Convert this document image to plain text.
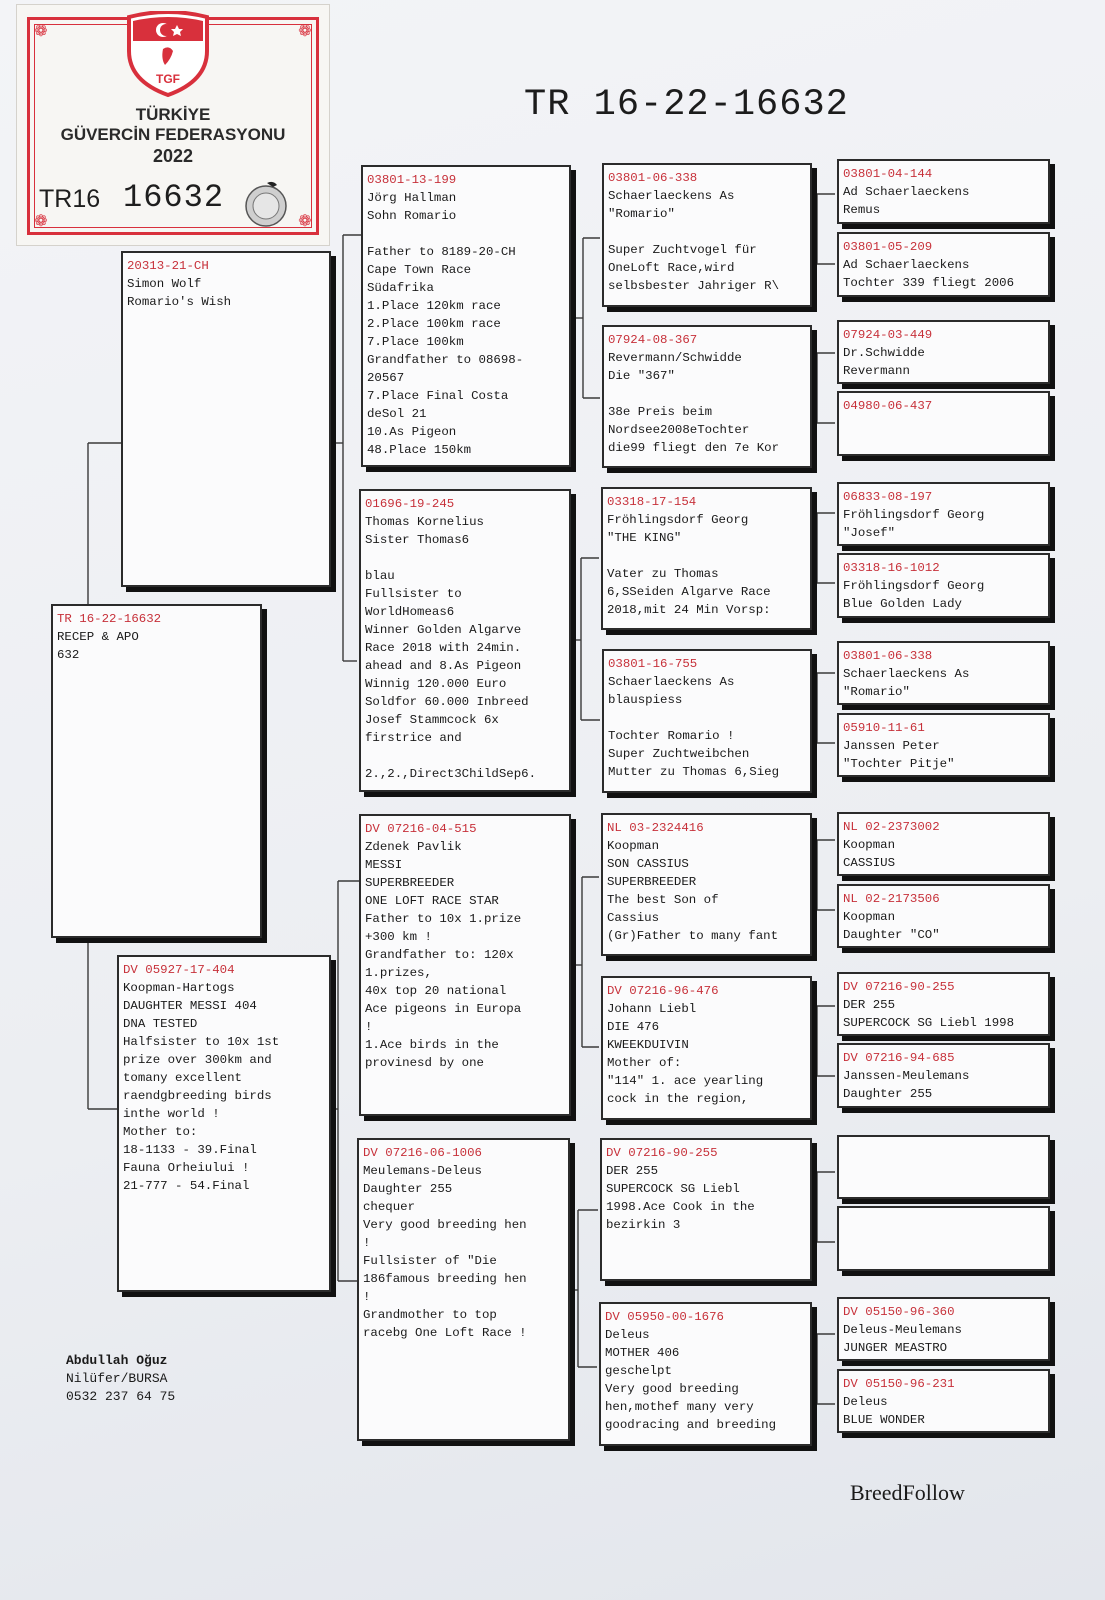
❁	❁
❁	❁
TGF
TÜRKİYE
GÜVERCİN FEDERASYONU
2022
TR16 16632
TR 16-22-16632
TR 16-22-16632
RECEP & APO
632
20313-21-CH
Simon Wolf
Romario's Wish
DV 05927-17-404
Koopman-Hartogs
DAUGHTER MESSI 404
DNA TESTED
Halfsister to 10x 1st
prize over 300km and
tomany excellent
raendgbreeding birds
inthe world !
Mother to:
18-1133 - 39.Final
Fauna Orheiului !
21-777 - 54.Final
03801-13-199
Jörg Hallman
Sohn Romario
Father to 8189-20-CH
Cape Town Race
Südafrika
1.Place 120km race
2.Place 100km race
7.Place 100km
Grandfather to 08698-
20567
7.Place Final Costa
deSol 21
10.As Pigeon
48.Place 150km
01696-19-245
Thomas Kornelius
Sister Thomas6
blau
Fullsister to
WorldHomeas6
Winner Golden Algarve
Race 2018 with 24min.
ahead and 8.As Pigeon
Winnig 120.000 Euro
Soldfor 60.000 Inbreed
Josef Stammcock 6x
firstrice and
2.,2.,Direct3ChildSep6.
DV 07216-04-515
Zdenek Pavlik
MESSI
SUPERBREEDER
ONE LOFT RACE STAR
Father to 10x 1.prize
+300 km !
Grandfather to: 120x
1.prizes,
40x top 20 national
Ace pigeons in Europa
!
1.Ace birds in the
provinesd by one
DV 07216-06-1006
Meulemans-Deleus
Daughter 255
chequer
Very good breeding hen
!
Fullsister of "Die
186famous breeding hen
!
Grandmother to top
racebg One Loft Race !
03801-06-338
Schaerlaeckens As
"Romario"
Super Zuchtvogel für
OneLoft Race,wird
selbsbester Jahriger R\
07924-08-367
Revermann/Schwidde
Die "367"
38e Preis beim
Nordsee2008eTochter
die99 fliegt den 7e Kor
03318-17-154
Fröhlingsdorf Georg
"THE KING"
Vater zu Thomas
6,SSeiden Algarve Race
2018,mit 24 Min Vorsp:
03801-16-755
Schaerlaeckens As
blauspiess
Tochter Romario !
Super Zuchtweibchen
Mutter zu Thomas 6,Sieg
NL 03-2324416
Koopman
SON CASSIUS
SUPERBREEDER
The best Son of
Cassius
(Gr)Father to many fant
DV 07216-96-476
Johann Liebl
DIE 476
KWEEKDUIVIN
Mother of:
"114" 1. ace yearling
cock in the region,
DV 07216-90-255
DER 255
SUPERCOCK SG Liebl
1998.Ace Cook in the
bezirkin 3
DV 05950-00-1676
Deleus
MOTHER 406
geschelpt
Very good breeding
hen,mothef many very
goodracing and breeding
03801-04-144
Ad Schaerlaeckens
Remus
03801-05-209
Ad Schaerlaeckens
Tochter 339 fliegt 2006
07924-03-449
Dr.Schwidde
Revermann
04980-06-437
06833-08-197
Fröhlingsdorf Georg
"Josef"
03318-16-1012
Fröhlingsdorf Georg
Blue Golden Lady
03801-06-338
Schaerlaeckens As
"Romario"
05910-11-61
Janssen Peter
"Tochter Pitje"
NL 02-2373002
Koopman
CASSIUS
NL 02-2173506
Koopman
Daughter "CO"
DV 07216-90-255
DER 255
SUPERCOCK SG Liebl 1998
DV 07216-94-685
Janssen-Meulemans
Daughter 255
DV 05150-96-360
Deleus-Meulemans
JUNGER MEASTRO
DV 05150-96-231
Deleus
BLUE WONDER
Abdullah Oğuz
Nilüfer/BURSA
0532 237 64 75
BreedFollow
